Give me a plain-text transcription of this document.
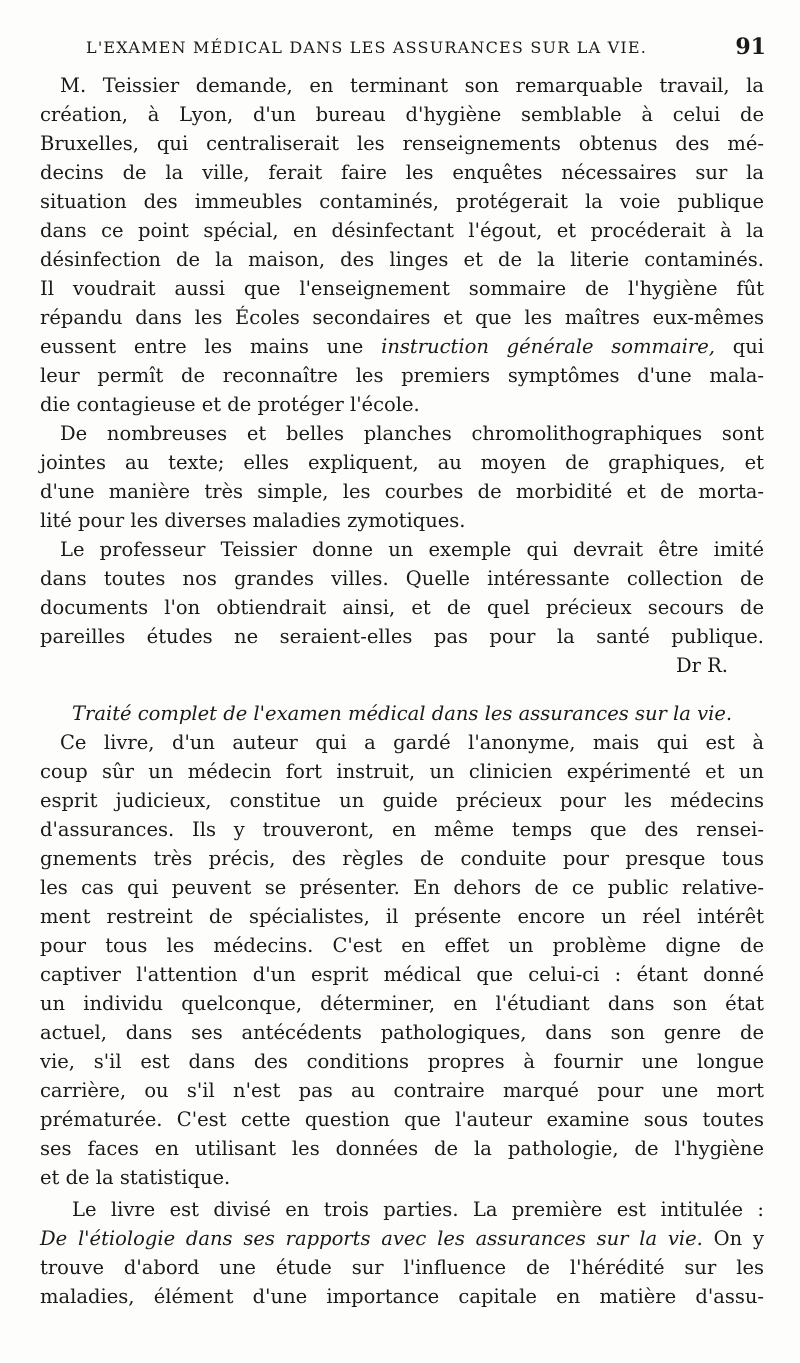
L'EXAMEN MÉDICAL DANS LES ASSURANCES SUR LA VIE.	91
M. Teissier demande, en terminant son remarquable travail, la
création, à Lyon, d'un bureau d'hygiène semblable à celui de
Bruxelles, qui centraliserait les renseignements obtenus des mé-
decins de la ville, ferait faire les enquêtes nécessaires sur la
situation des immeubles contaminés, protégerait la voie publique
dans ce point spécial, en désinfectant l'égout, et procéderait à la
désinfection de la maison, des linges et de la literie contaminés.
Il voudrait aussi que l'enseignement sommaire de l'hygiène fût
répandu dans les Écoles secondaires et que les maîtres eux-mêmes
eussent entre les mains une instruction générale sommaire, qui
leur permît de reconnaître les premiers symptômes d'une mala-
die contagieuse et de protéger l'école.
De nombreuses et belles planches chromolithographiques sont
jointes au texte; elles expliquent, au moyen de graphiques, et
d'une manière très simple, les courbes de morbidité et de morta-
lité pour les diverses maladies zymotiques.
Le professeur Teissier donne un exemple qui devrait être imité
dans toutes nos grandes villes. Quelle intéressante collection de
documents l'on obtiendrait ainsi, et de quel précieux secours de
pareilles études ne seraient-elles pas pour la santé publique.
Dr R.
Traité complet de l'examen médical dans les assurances sur la vie.
Ce livre, d'un auteur qui a gardé l'anonyme, mais qui est à
coup sûr un médecin fort instruit, un clinicien expérimenté et un
esprit judicieux, constitue un guide précieux pour les médecins
d'assurances. Ils y trouveront, en même temps que des rensei-
gnements très précis, des règles de conduite pour presque tous
les cas qui peuvent se présenter. En dehors de ce public relative-
ment restreint de spécialistes, il présente encore un réel intérêt
pour tous les médecins. C'est en effet un problème digne de
captiver l'attention d'un esprit médical que celui-ci : étant donné
un individu quelconque, déterminer, en l'étudiant dans son état
actuel, dans ses antécédents pathologiques, dans son genre de
vie, s'il est dans des conditions propres à fournir une longue
carrière, ou s'il n'est pas au contraire marqué pour une mort
prématurée. C'est cette question que l'auteur examine sous toutes
ses faces en utilisant les données de la pathologie, de l'hygiène
et de la statistique.
Le livre est divisé en trois parties. La première est intitulée :
De l'étiologie dans ses rapports avec les assurances sur la vie. On y
trouve d'abord une étude sur l'influence de l'hérédité sur les
maladies, élément d'une importance capitale en matière d'assu-
